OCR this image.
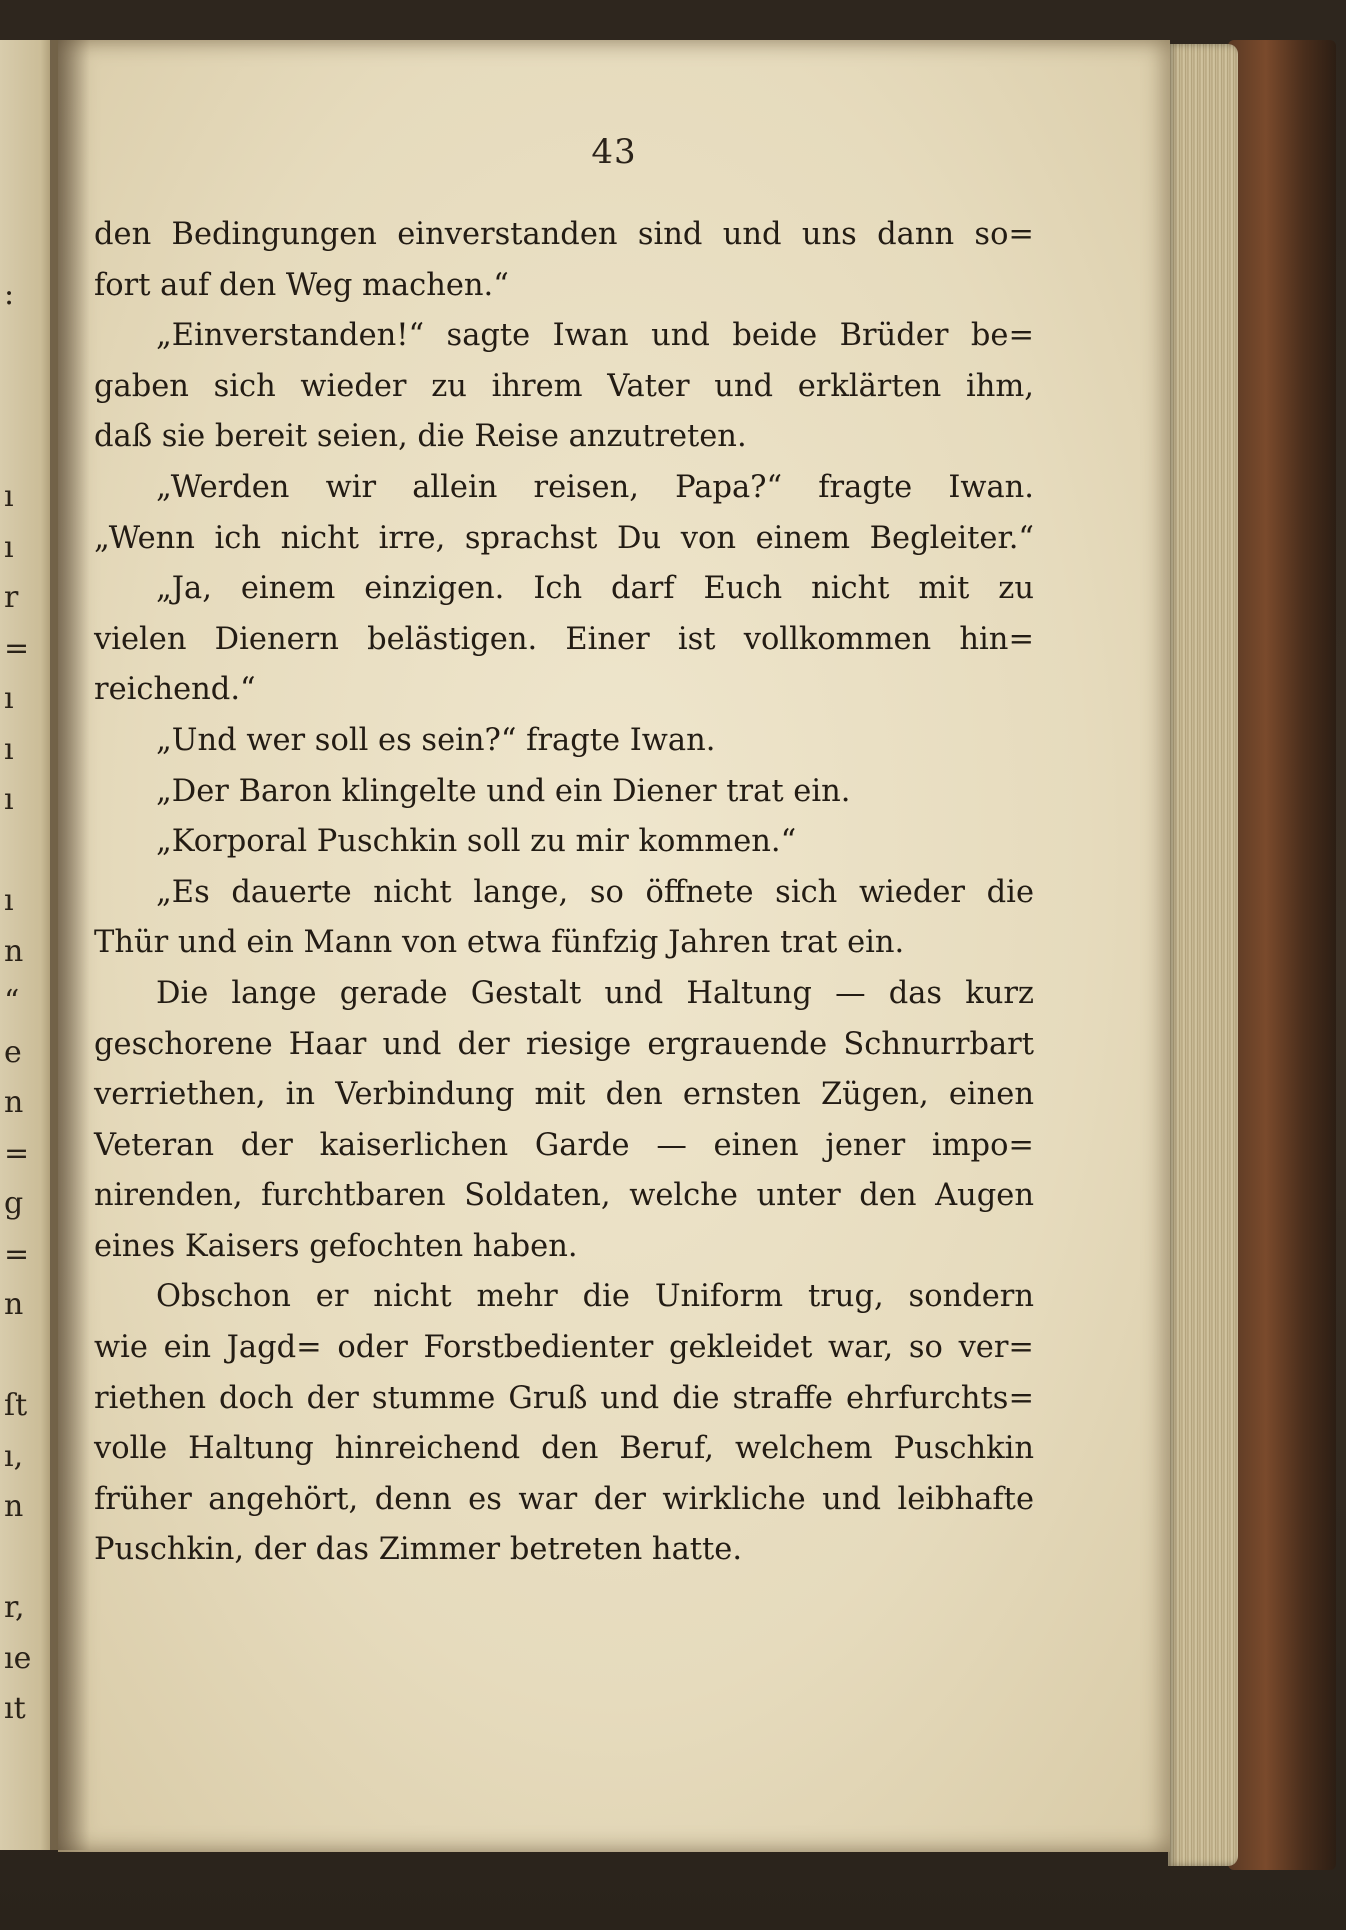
:
ı
ı
r
=
ı
ı
ı
ı
n
“
e
n
=
g
=
n
ſt
ı,
n
r,
ıe
ıt
43
den Bedingungen einverstanden sind und uns dann so=
fort auf den Weg machen.“
„Einverstanden!“ sagte Iwan und beide Brüder be=
gaben sich wieder zu ihrem Vater und erklärten ihm,
daß sie bereit seien, die Reise anzutreten.
„Werden wir allein reisen, Papa?“ fragte Iwan.
„Wenn ich nicht irre, sprachst Du von einem Begleiter.“
„Ja, einem einzigen. Ich darf Euch nicht mit zu
vielen Dienern belästigen. Einer ist vollkommen hin=
reichend.“
„Und wer soll es sein?“ fragte Iwan.
„Der Baron klingelte und ein Diener trat ein.
„Korporal Puschkin soll zu mir kommen.“
„Es dauerte nicht lange, so öffnete sich wieder die
Thür und ein Mann von etwa fünfzig Jahren trat ein.
Die lange gerade Gestalt und Haltung — das kurz
geschorene Haar und der riesige ergrauende Schnurrbart
verriethen, in Verbindung mit den ernsten Zügen, einen
Veteran der kaiserlichen Garde — einen jener impo=
nirenden, furchtbaren Soldaten, welche unter den Augen
eines Kaisers gefochten haben.
Obschon er nicht mehr die Uniform trug, sondern
wie ein Jagd= oder Forstbedienter gekleidet war, so ver=
riethen doch der stumme Gruß und die straffe ehrfurchts=
volle Haltung hinreichend den Beruf, welchem Puschkin
früher angehört, denn es war der wirkliche und leibhafte
Puschkin, der das Zimmer betreten hatte.
